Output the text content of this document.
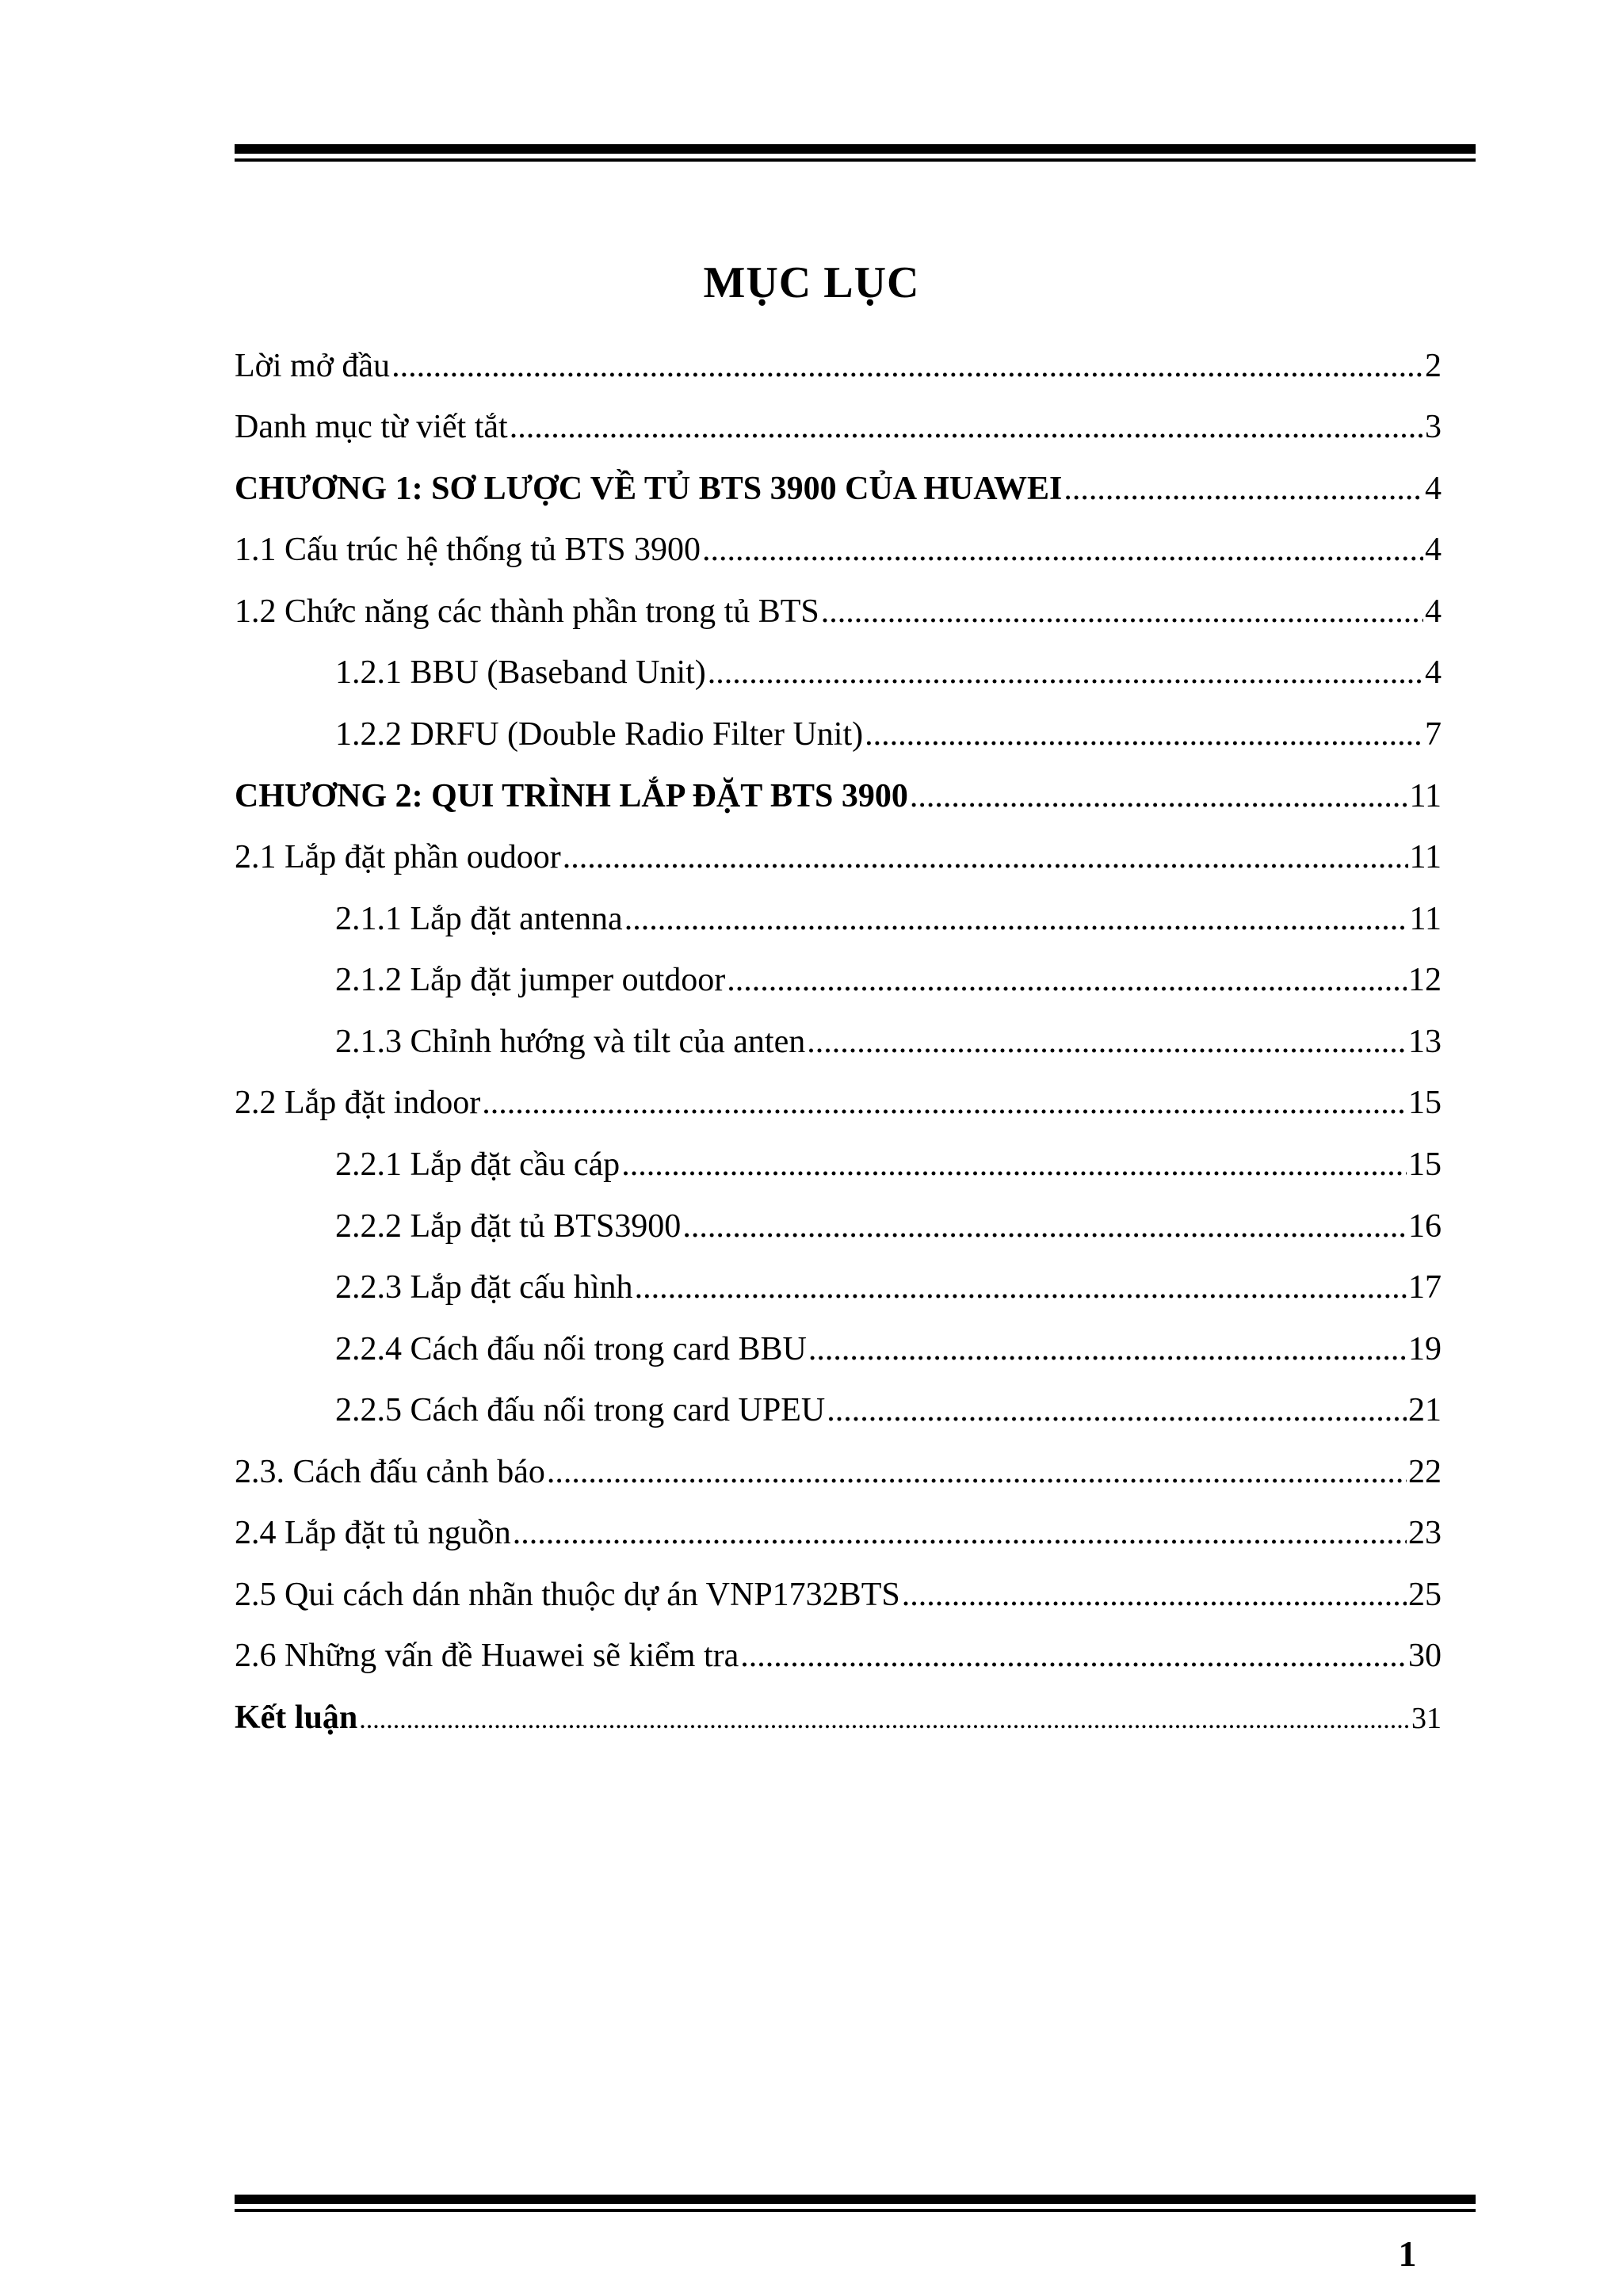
MỤC LỤC
Lời mở đầu .....	2
Danh mục từ viết tắt .....	3
CHƯƠNG 1: SƠ LƯỢC VỀ TỦ BTS 3900 CỦA HUAWEI .....	4
1.1 Cấu trúc hệ thống tủ BTS 3900 .....	4
1.2 Chức năng các thành phần trong tủ BTS .....	4
1.2.1 BBU (Baseband Unit) .....	4
1.2.2 DRFU (Double Radio Filter Unit) .....	7
CHƯƠNG 2: QUI TRÌNH LẮP ĐẶT BTS 3900 .....	11
2.1 Lắp đặt phần oudoor .....	11
2.1.1 Lắp đặt antenna .....	11
2.1.2 Lắp đặt jumper outdoor .....	12
2.1.3 Chỉnh hướng và tilt của anten .....	13
2.2 Lắp đặt indoor .....	15
2.2.1 Lắp đặt cầu cáp .....	15
2.2.2 Lắp đặt tủ BTS3900 .....	16
2.2.3 Lắp đặt cấu hình .....	17
2.2.4 Cách đấu nối trong card BBU .....	19
2.2.5 Cách đấu nối trong card UPEU .....	21
2.3. Cách đấu cảnh báo .....	22
2.4 Lắp đặt tủ nguồn .....	23
2.5 Qui cách dán nhãn thuộc dự án VNP1732BTS .....	25
2.6 Những vấn đề Huawei sẽ kiểm tra .....	30
Kết luận .....	31
1
